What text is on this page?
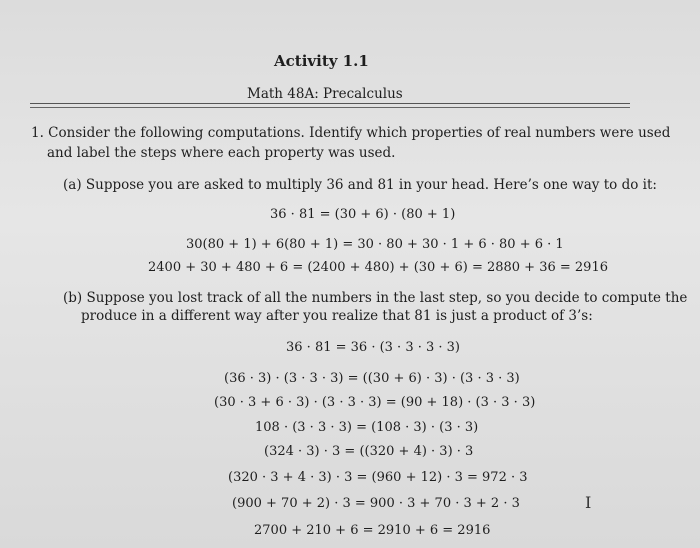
Activity 1.1
Math 48A: Precalculus
1. Consider the following computations. Identify which properties of real numbers were used
and label the steps where each property was used.
(a) Suppose you are asked to multiply 36 and 81 in your head. Here’s one way to do it:
36 · 81 = (30 + 6) · (80 + 1)
30(80 + 1) + 6(80 + 1) = 30 · 80 + 30 · 1 + 6 · 80 + 6 · 1
2400 + 30 + 480 + 6 = (2400 + 480) + (30 + 6) = 2880 + 36 = 2916
(b) Suppose you lost track of all the numbers in the last step, so you decide to compute the
produce in a different way after you realize that 81 is just a product of 3’s:
36 · 81 = 36 · (3 · 3 · 3 · 3)
(36 · 3) · (3 · 3 · 3) = ((30 + 6) · 3) · (3 · 3 · 3)
(30 · 3 + 6 · 3) · (3 · 3 · 3) = (90 + 18) · (3 · 3 · 3)
108 · (3 · 3 · 3) = (108 · 3) · (3 · 3)
(324 · 3) · 3 = ((320 + 4) · 3) · 3
(320 · 3 + 4 · 3) · 3 = (960 + 12) · 3 = 972 · 3
(900 + 70 + 2) · 3 = 900 · 3 + 70 · 3 + 2 · 3
2700 + 210 + 6 = 2910 + 6 = 2916
I
